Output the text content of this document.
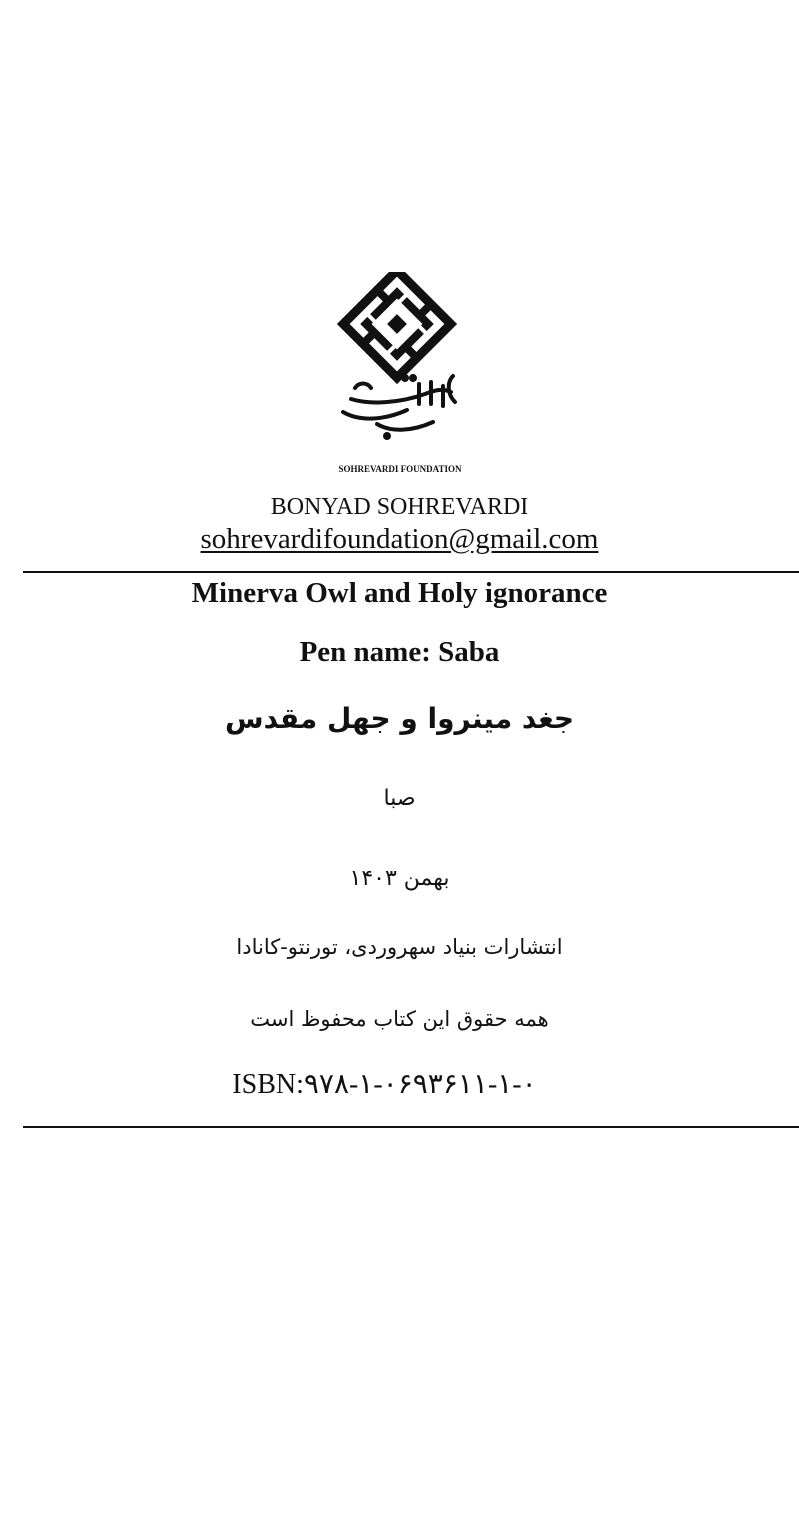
SOHREVARDI FOUNDATION
BONYAD SOHREVARDI
sohrevardifoundation@gmail.com
Minerva Owl and Holy ignorance
Pen name: Saba
جغد مینروا و جهل مقدس
صبا
بهمن ۱۴۰۳
انتشارات بنیاد سهروردی، تورنتو-کانادا
همه حقوق این کتاب محفوظ است
ISBN:۹۷۸-۱-۰۶۹۳۶۱۱-۱-۰
